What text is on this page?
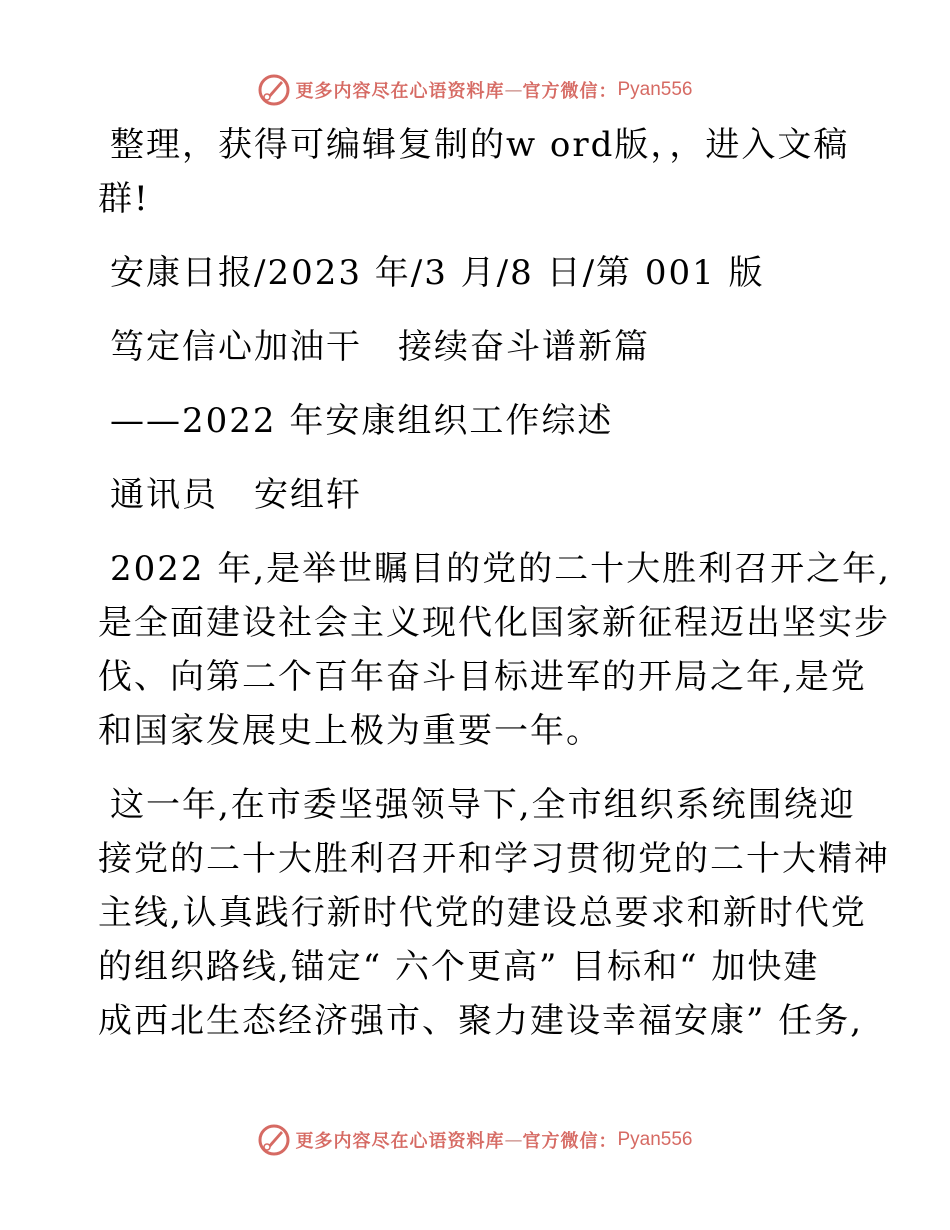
更多内容尽在心语资料库 — 官方微信： Pyan556
整理，获得可编辑复制的w ord版，，进入文稿
群!
安康日报/2023 年/3 月/8 日/第 001 版
笃定信心加油干　接续奋斗谱新篇
——2022 年安康组织工作综述
通讯员　安组轩
2022 年,是举世瞩目的党的二十大胜利召开之年,
是全面建设社会主义现代化国家新征程迈出坚实步
伐、向第二个百年奋斗目标进军的开局之年,是党
和国家发展史上极为重要一年。
这一年,在市委坚强领导下,全市组织系统围绕迎
接党的二十大胜利召开和学习贯彻党的二十大精神
主线,认真践行新时代党的建设总要求和新时代党
的组织路线,锚定“ 六个更高” 目标和“ 加快建
成西北生态经济强市、聚力建设幸福安康” 任务,
更多内容尽在心语资料库 — 官方微信： Pyan556
